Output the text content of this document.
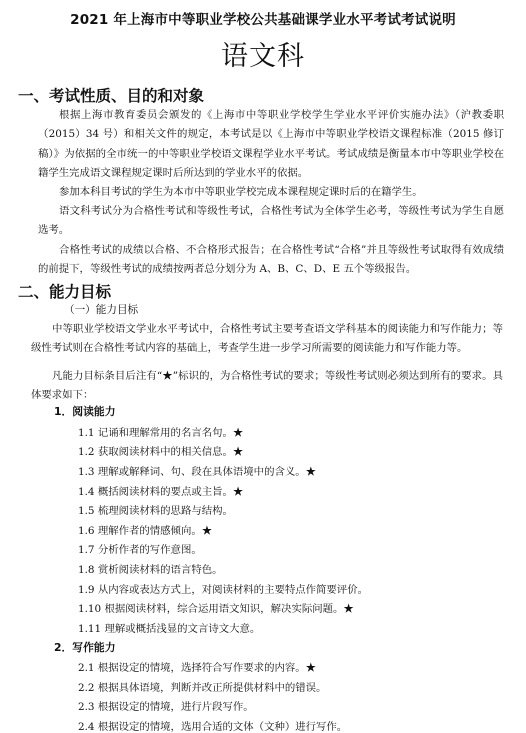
2021 年上海市中等职业学校公共基础课学业水平考试考试说明
语文科
一、考试性质、目的和对象
根据上海市教育委员会颁发的《上海市中等职业学校学生学业水平评价实施办法》（沪教委职（2015）34 号）和相关文件的规定，本考试是以《上海市中等职业学校语文课程标准（2015 修订稿）》为依据的全市统一的中等职业学校语文课程学业水平考试。考试成绩是衡量本市中等职业学校在籍学生完成语文课程规定课时后所达到的学业水平的依据。
参加本科目考试的学生为本市中等职业学校完成本课程规定课时后的在籍学生。
语文科考试分为合格性考试和等级性考试，合格性考试为全体学生必考，等级性考试为学生自愿选考。
合格性考试的成绩以合格、不合格形式报告；在合格性考试“合格”并且等级性考试取得有效成绩的前提下，等级性考试的成绩按两者总分划分为 A、B、C、D、E 五个等级报告。
二、能力目标
（一）能力目标
中等职业学校语文学业水平考试中，合格性考试主要考查语文学科基本的阅读能力和写作能力；等级性考试则在合格性考试内容的基础上，考查学生进一步学习所需要的阅读能力和写作能力等。
凡能力目标条目后注有“★”标识的，为合格性考试的要求；等级性考试则必须达到所有的要求。具体要求如下：
1．阅读能力
1.1 记诵和理解常用的名言名句。★
1.2 获取阅读材料中的相关信息。★
1.3 理解或解释词、句、段在具体语境中的含义。★
1.4 概括阅读材料的要点或主旨。★
1.5 梳理阅读材料的思路与结构。
1.6 理解作者的情感倾向。★
1.7 分析作者的写作意图。
1.8 赏析阅读材料的语言特色。
1.9 从内容或表达方式上，对阅读材料的主要特点作简要评价。
1.10 根据阅读材料，综合运用语文知识，解决实际问题。★
1.11 理解或概括浅显的文言诗文大意。
2．写作能力
2.1 根据设定的情境，选择符合写作要求的内容。★
2.2 根据具体语境，判断并改正所提供材料中的错误。
2.3 根据设定的情境，进行片段写作。
2.4 根据设定的情境，选用合适的文体（文种）进行写作。
